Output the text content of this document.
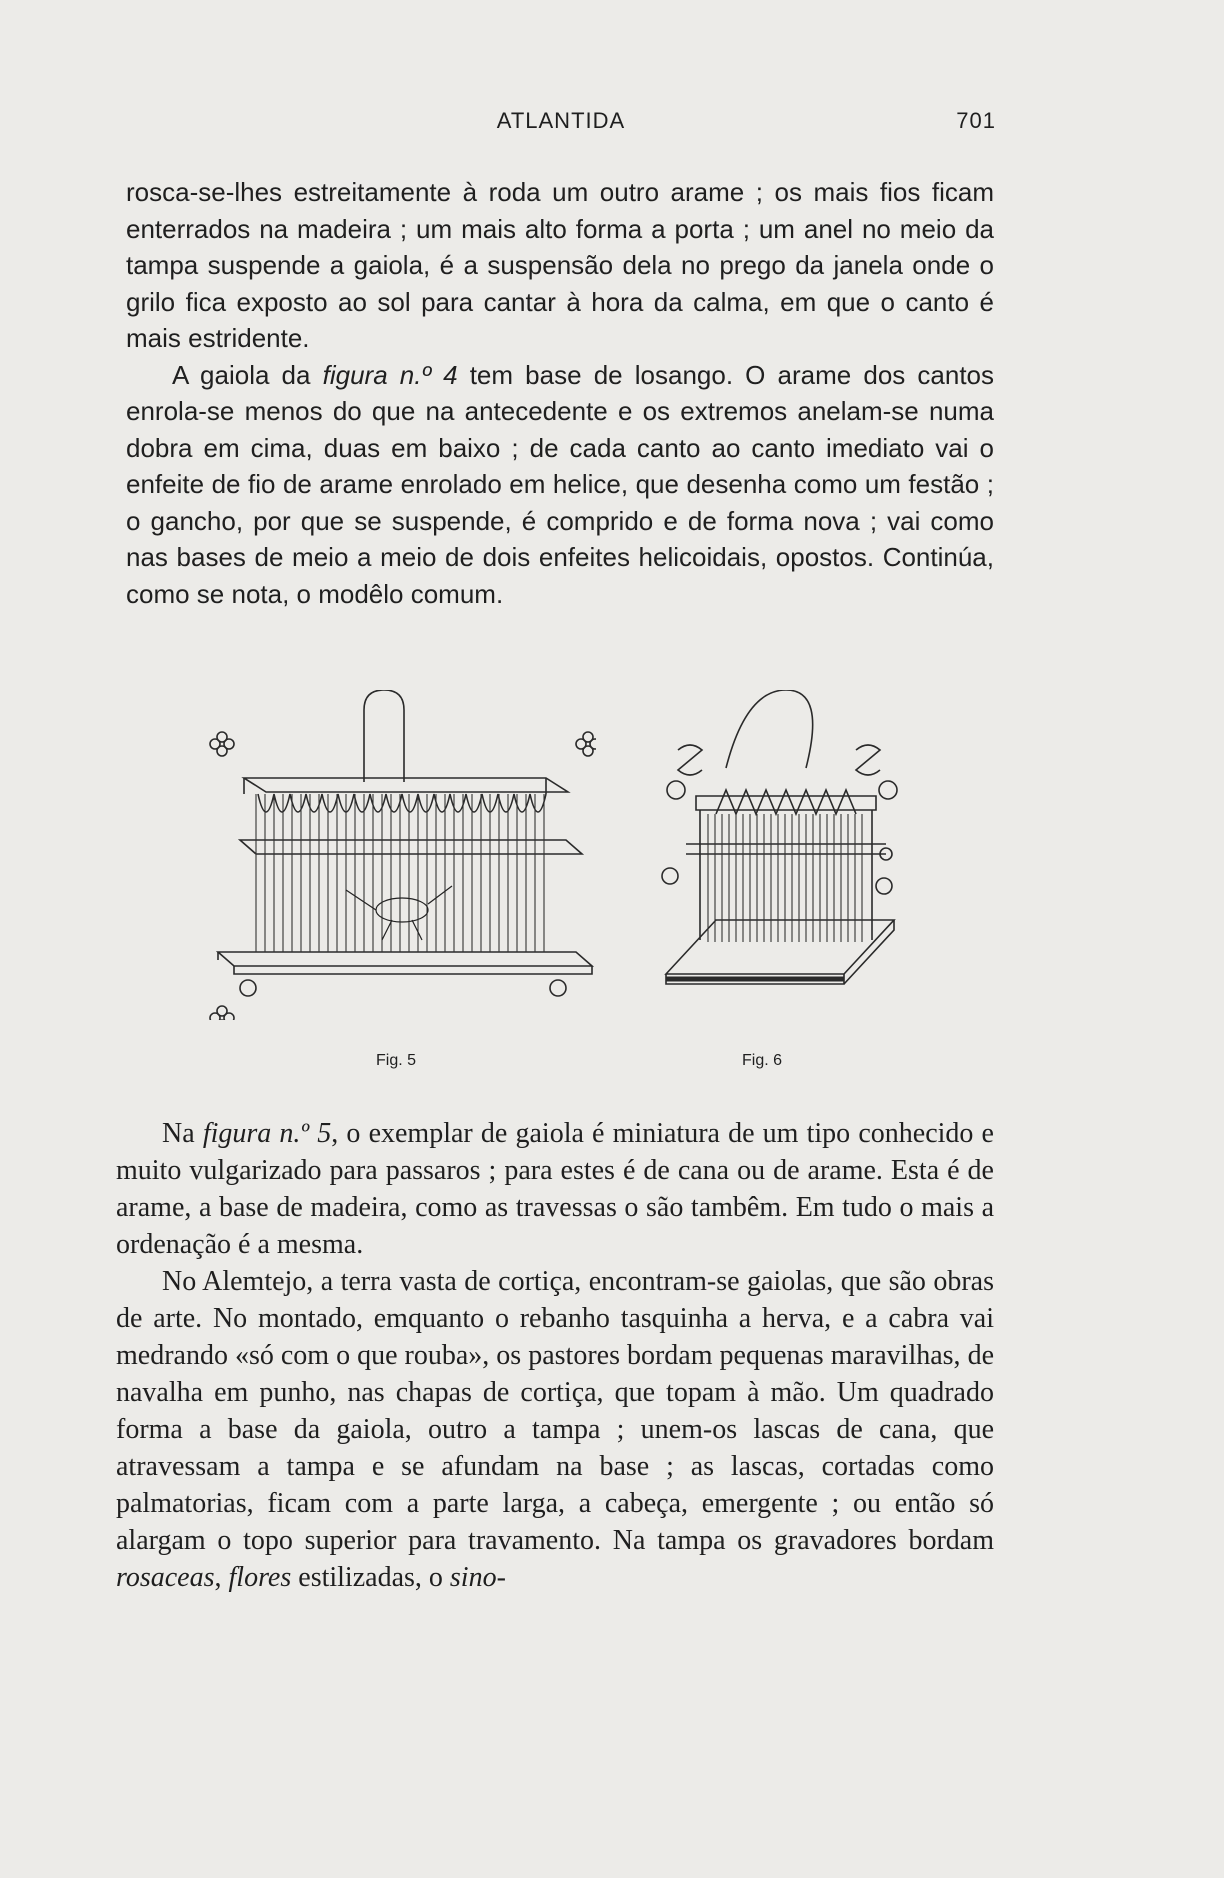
ATLANTIDA	701

rosca-se-lhes estreitamente à roda um outro arame ; os mais fios ficam enterrados na madeira ; um mais alto forma a porta ; um anel no meio da tampa suspende a gaiola, é a suspensão dela no prego da janela onde o grilo fica exposto ao sol para cantar à hora da calma, em que o canto é mais estridente.

A gaiola da figura n.º 4 tem base de losango. O arame dos cantos enrola-se menos do que na antecedente e os extremos anelam-se numa dobra em cima, duas em baixo ; de cada canto ao canto imediato vai o enfeite de fio de arame enrolado em helice, que desenha como um festão ; o gancho, por que se suspende, é comprido e de forma nova ; vai como nas bases de meio a meio de dois enfeites helicoidais, opostos. Continúa, como se nota, o modêlo comum.

Fig. 5	Fig. 6

Na figura n.º 5, o exemplar de gaiola é miniatura de um tipo conhecido e muito vulgarizado para passaros ; para estes é de cana ou de arame. Esta é de arame, a base de madeira, como as travessas o são tambêm. Em tudo o mais a ordenação é a mesma.

No Alemtejo, a terra vasta de cortiça, encontram-se gaiolas, que são obras de arte. No montado, emquanto o rebanho tasquinha a herva, e a cabra vai medrando «só com o que rouba», os pastores bordam pequenas maravilhas, de navalha em punho, nas chapas de cortiça, que topam à mão. Um quadrado forma a base da gaiola, outro a tampa ; unem-os lascas de cana, que atravessam a tampa e se afundam na base ; as lascas, cortadas como palmatorias, ficam com a parte larga, a cabeça, emergente ; ou então só alargam o topo superior para travamento. Na tampa os gravadores bordam rosaceas, flores estilizadas, o sino-
